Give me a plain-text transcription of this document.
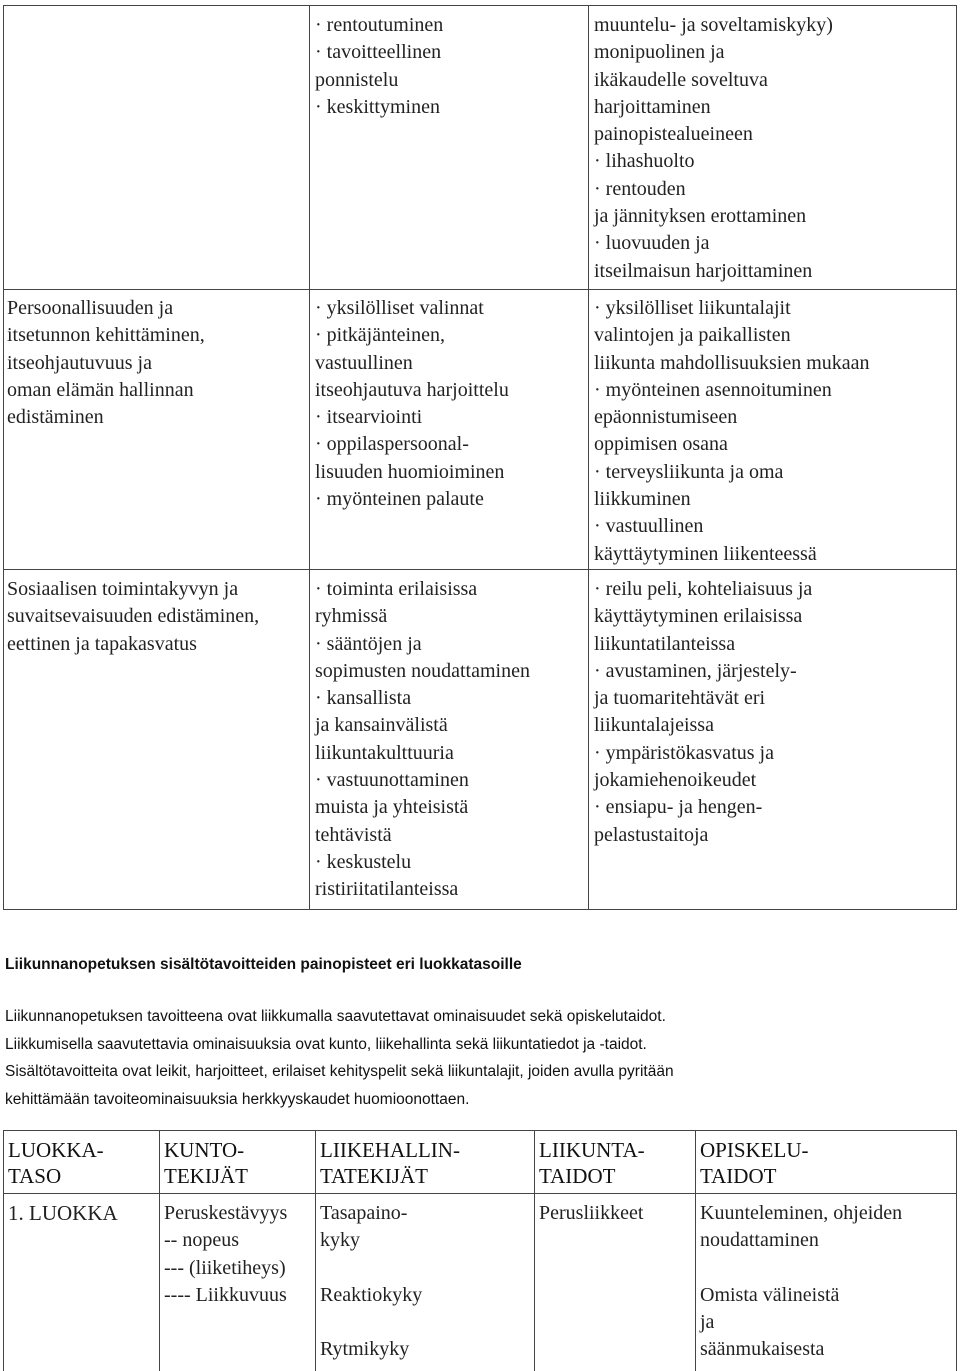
· rentoutuminen
· tavoitteellinen
ponnistelu
· keskittyminen
muuntelu- ja soveltamiskyky)
monipuolinen ja
ikäkaudelle soveltuva
harjoittaminen
painopistealueineen
· lihashuolto
· rentouden
ja jännityksen erottaminen
· luovuuden ja
itseilmaisun harjoittaminen
Persoonallisuuden ja
itsetunnon kehittäminen,
itseohjautuvuus ja
oman elämän hallinnan
edistäminen
· yksilölliset valinnat
· pitkäjänteinen,
vastuullinen
itseohjautuva harjoittelu
· itsearviointi
· oppilaspersoonal-
lisuuden huomioiminen
· myönteinen palaute
· yksilölliset liikuntalajit
valintojen ja paikallisten
liikunta mahdollisuuksien mukaan
· myönteinen asennoituminen
epäonnistumiseen
oppimisen osana
· terveysliikunta ja oma
liikkuminen
· vastuullinen
käyttäytyminen liikenteessä
Sosiaalisen toimintakyvyn ja
suvaitsevaisuuden edistäminen,
eettinen ja tapakasvatus
· toiminta erilaisissa
ryhmissä
· sääntöjen ja
sopimusten noudattaminen
· kansallista
ja kansainvälistä
liikuntakulttuuria
· vastuunottaminen
muista ja yhteisistä
tehtävistä
· keskustelu
ristiriitatilanteissa
· reilu peli, kohteliaisuus ja
käyttäytyminen erilaisissa
liikuntatilanteissa
· avustaminen, järjestely-
ja tuomaritehtävät eri
liikuntalajeissa
· ympäristökasvatus ja
jokamiehenoikeudet
· ensiapu- ja hengen-
pelastustaitoja
Liikunnanopetuksen sisältötavoitteiden painopisteet eri luokkatasoille
Liikunnanopetuksen tavoitteena ovat liikkumalla saavutettavat ominaisuudet sekä opiskelutaidot.
Liikkumisella saavutettavia ominaisuuksia ovat kunto, liikehallinta sekä liikuntatiedot ja -taidot.
Sisältötavoitteita ovat leikit, harjoitteet, erilaiset kehityspelit sekä liikuntalajit, joiden avulla pyritään
kehittämään tavoiteominaisuuksia herkkyyskaudet huomioonottaen.
LUOKKA-
TASO
KUNTO-
TEKIJÄT
LIIKEHALLIN-
TATEKIJÄT
LIIKUNTA-
TAIDOT
OPISKELU-
TAIDOT
1. LUOKKA Peruskestävyys
-- nopeus
--- (liiketiheys)
---- Liikkuvuus
Tasapaino-
kyky

Reaktiokyky

Rytmikyky
Perusliikkeet	Kuunteleminen, ohjeiden
noudattaminen

Omista välineistä
ja
säänmukaisesta
